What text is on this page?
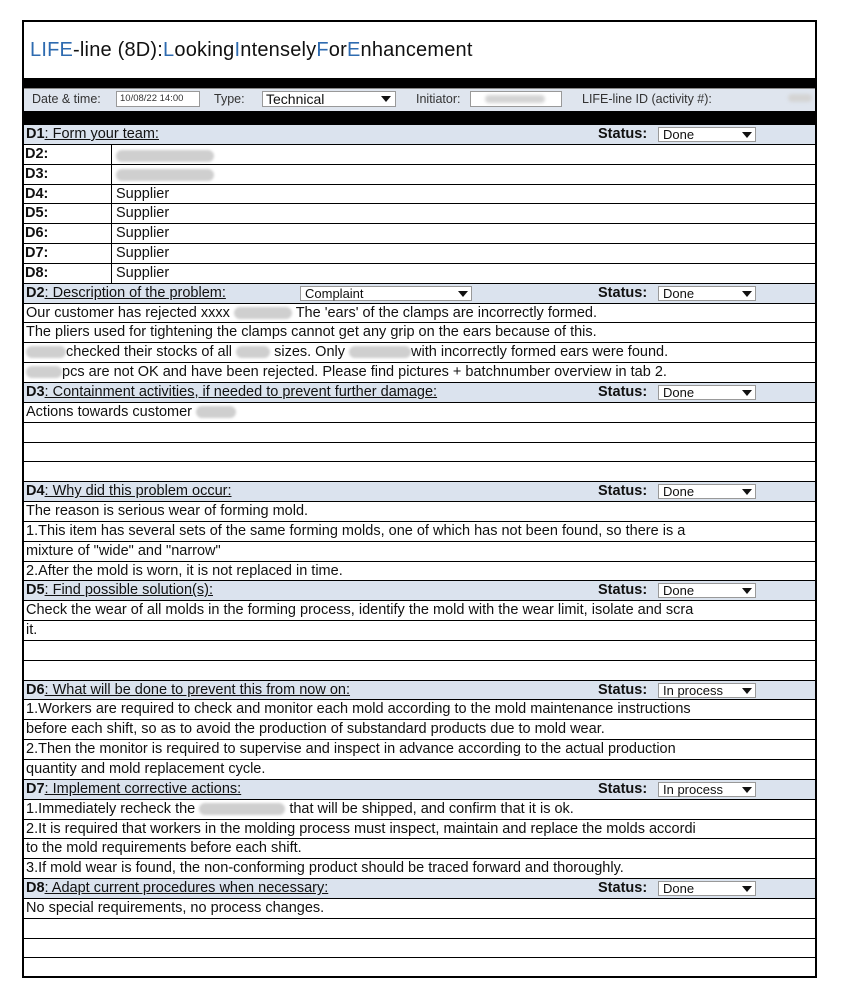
L IFE -line (8D): L ooking I ntensely F or E nhancement
Date & time:	10/08/22 14:00	Type: Technical	Initiator:	LIFE-line ID (activity #):
D1: Form your team:	Status:	Done
D2:
D3:
D4:	Supplier
D5:	Supplier
D6:	Supplier
D7:	Supplier
D8:	Supplier
D2: Description of the problem:	Complaint	Status:	Done
Our customer has rejected xxxx	The 'ears' of the clamps are incorrectly formed.
The pliers used for tightening the clamps cannot get any grip on the ears because of this.
checked their stocks of all	sizes. Only	with incorrectly formed ears were found.
pcs are not OK and have been rejected. Please find pictures + batchnumber overview in tab 2.
D3: Containment activities, if needed to prevent further damage:	Status:	Done
Actions towards customer
D4: Why did this problem occur:	Status:	Done
The reason is serious wear of forming mold.
1.This item has several sets of the same forming molds, one of which has not been found, so there is a
mixture of "wide" and "narrow"
2.After the mold is worn, it is not replaced in time.
D5: Find possible solution(s):	Status:	Done
Check the wear of all molds in the forming process, identify the mold with the wear limit, isolate and scra
it.
D6: What will be done to prevent this from now on:	Status:	In process
1.Workers are required to check and monitor each mold according to the mold maintenance instructions
before each shift, so as to avoid the production of substandard products due to mold wear.
2.Then the monitor is required to supervise and inspect in advance according to the actual production
quantity and mold replacement cycle.
D7: Implement corrective actions:	Status:	In process
1.Immediately recheck the	that will be shipped, and confirm that it is ok.
2.It is required that workers in the molding process must inspect, maintain and replace the molds accordi
to the mold requirements before each shift.
3.If mold wear is found, the non-conforming product should be traced forward and thoroughly.
D8: Adapt current procedures when necessary:	Status:	Done
No special requirements, no process changes.
